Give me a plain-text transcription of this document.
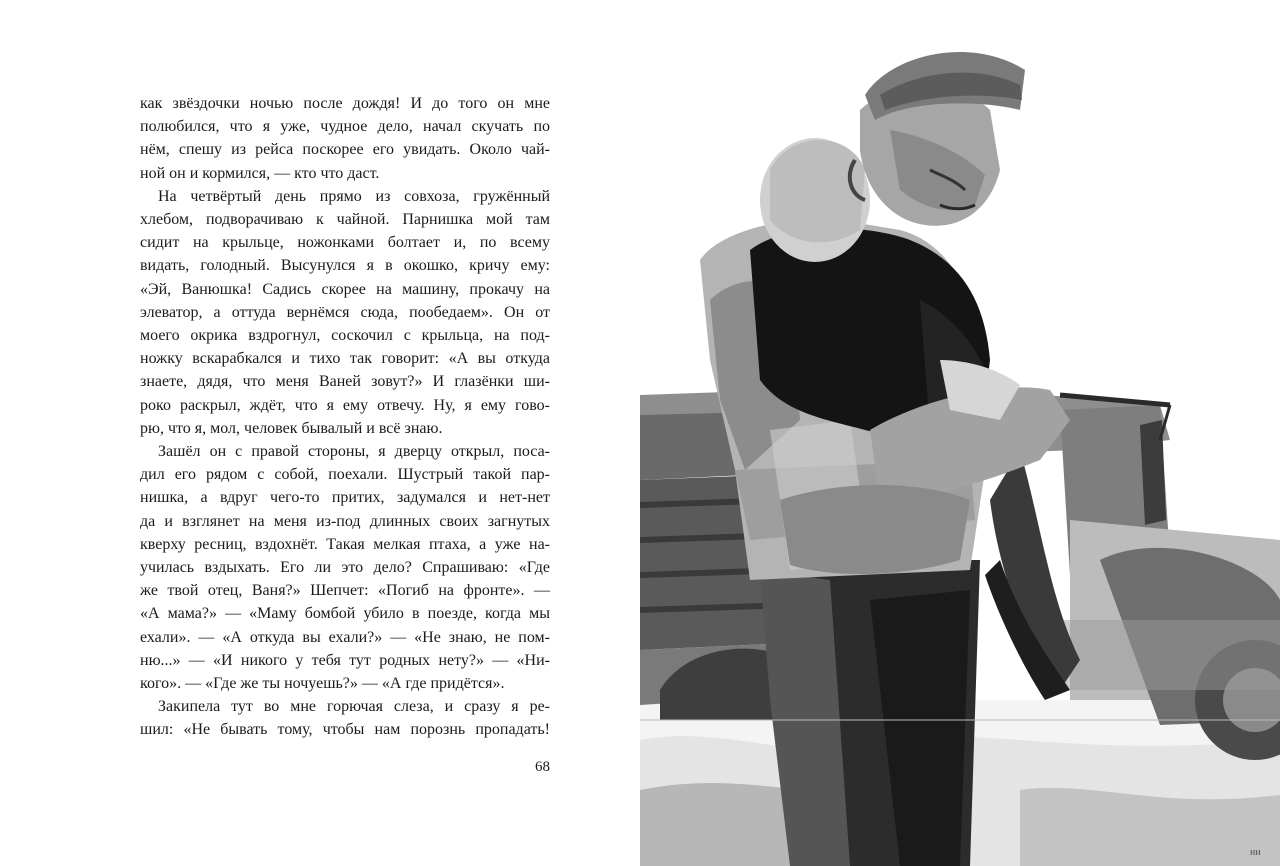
как звёздочки ночью после дождя! И до того он мне
полюбился, что я уже, чудное дело, начал скучать по
нём, спешу из рейса поскорее его увидать. Около чай-
ной он и кормился, — кто что даст.
На четвёртый день прямо из совхоза, гружённый
хлебом, подворачиваю к чайной. Парнишка мой там
сидит на крыльце, ножонками болтает и, по всему
видать, голодный. Высунулся я в окошко, кричу ему:
«Эй, Ванюшка! Садись скорее на машину, прокачу на
элеватор, а оттуда вернёмся сюда, пообедаем». Он от
моего окрика вздрогнул, соскочил с крыльца, на под-
ножку вскарабкался и тихо так говорит: «А вы откуда
знаете, дядя, что меня Ваней зовут?» И глазёнки ши-
роко раскрыл, ждёт, что я ему отвечу. Ну, я ему гово-
рю, что я, мол, человек бывалый и всё знаю.
Зашёл он с правой стороны, я дверцу открыл, поса-
дил его рядом с собой, поехали. Шустрый такой пар-
нишка, а вдруг чего-то притих, задумался и нет-нет
да и взглянет на меня из-под длинных своих загнутых
кверху ресниц, вздохнёт. Такая мелкая птаха, а уже на-
училась вздыхать. Его ли это дело? Спрашиваю: «Где
же твой отец, Ваня?» Шепчет: «Погиб на фронте». —
«А мама?» — «Маму бомбой убило в поезде, когда мы
ехали». — «А откуда вы ехали?» — «Не знаю, не пом-
ню...» — «И никого у тебя тут родных нету?» — «Ни-
кого». — «Где же ты ночуешь?» — «А где придётся».
Закипела тут во мне горючая слеза, и сразу я ре-
шил: «Не бывать тому, чтобы нам порознь пропадать!
68
ни
